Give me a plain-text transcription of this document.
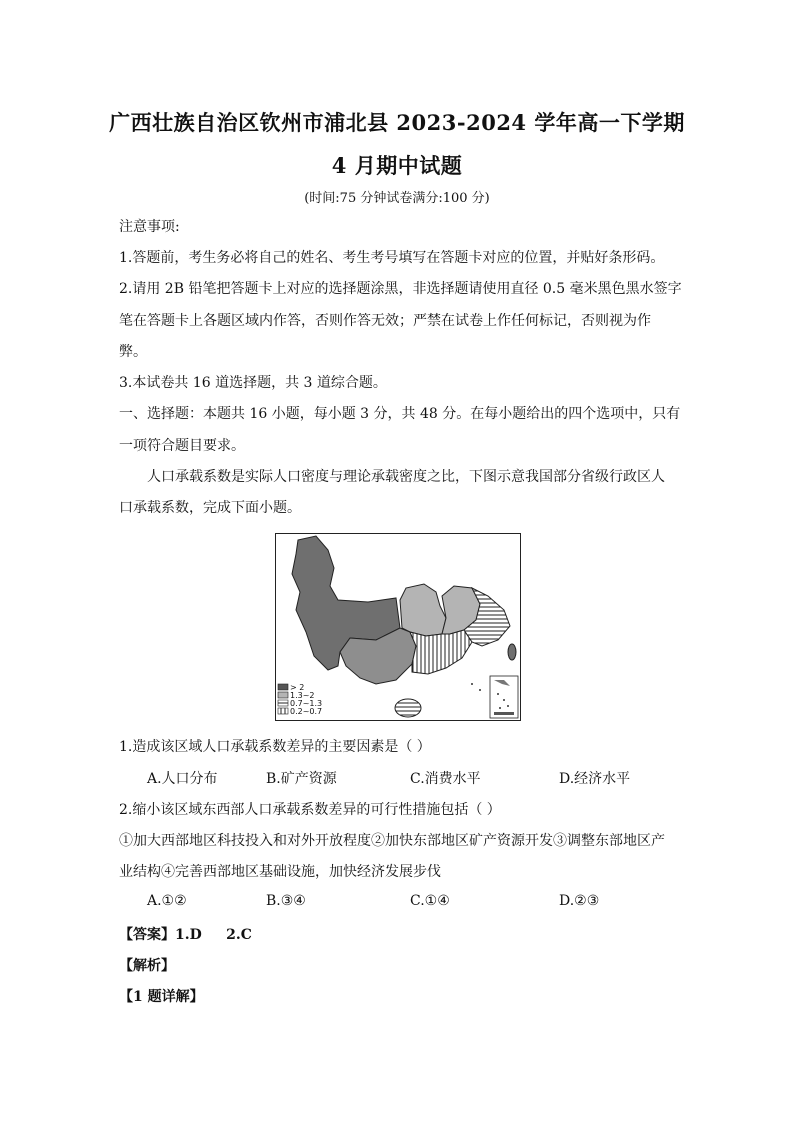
广西壮族自治区钦州市浦北县 2023-2024 学年高一下学期
4 月期中试题
(时间:75 分钟试卷满分:100 分)
注意事项:
1.答题前，考生务必将自己的姓名、考生考号填写在答题卡对应的位置，并贴好条形码。
2.请用 2B 铅笔把答题卡上对应的选择题涂黑，非选择题请使用直径 0.5 毫米黑色黑水签字
笔在答题卡上各题区域内作答，否则作答无效；严禁在试卷上作任何标记，否则视为作
弊。
3.本试卷共 16 道选择题，共 3 道综合题。
一、选择题：本题共 16 小题，每小题 3 分，共 48 分。在每小题给出的四个选项中，只有
一项符合题目要求。
人口承载系数是实际人口密度与理论承载密度之比，下图示意我国部分省级行政区人
口承载系数，完成下面小题。
> 2
1.3~2
0.7~1.3
0.2~0.7
1.造成该区域人口承载系数差异的主要因素是（ ）
A.人口分布	B.矿产资源	C.消费水平	D.经济水平
2.缩小该区域东西部人口承载系数差异的可行性措施包括（ ）
①加大西部地区科技投入和对外开放程度②加快东部地区矿产资源开发③调整东部地区产
业结构④完善西部地区基础设施，加快经济发展步伐
A.①②	B.③④	C.①④	D.②③
【答案】1.D     2.C
【解析】
【1 题详解】
